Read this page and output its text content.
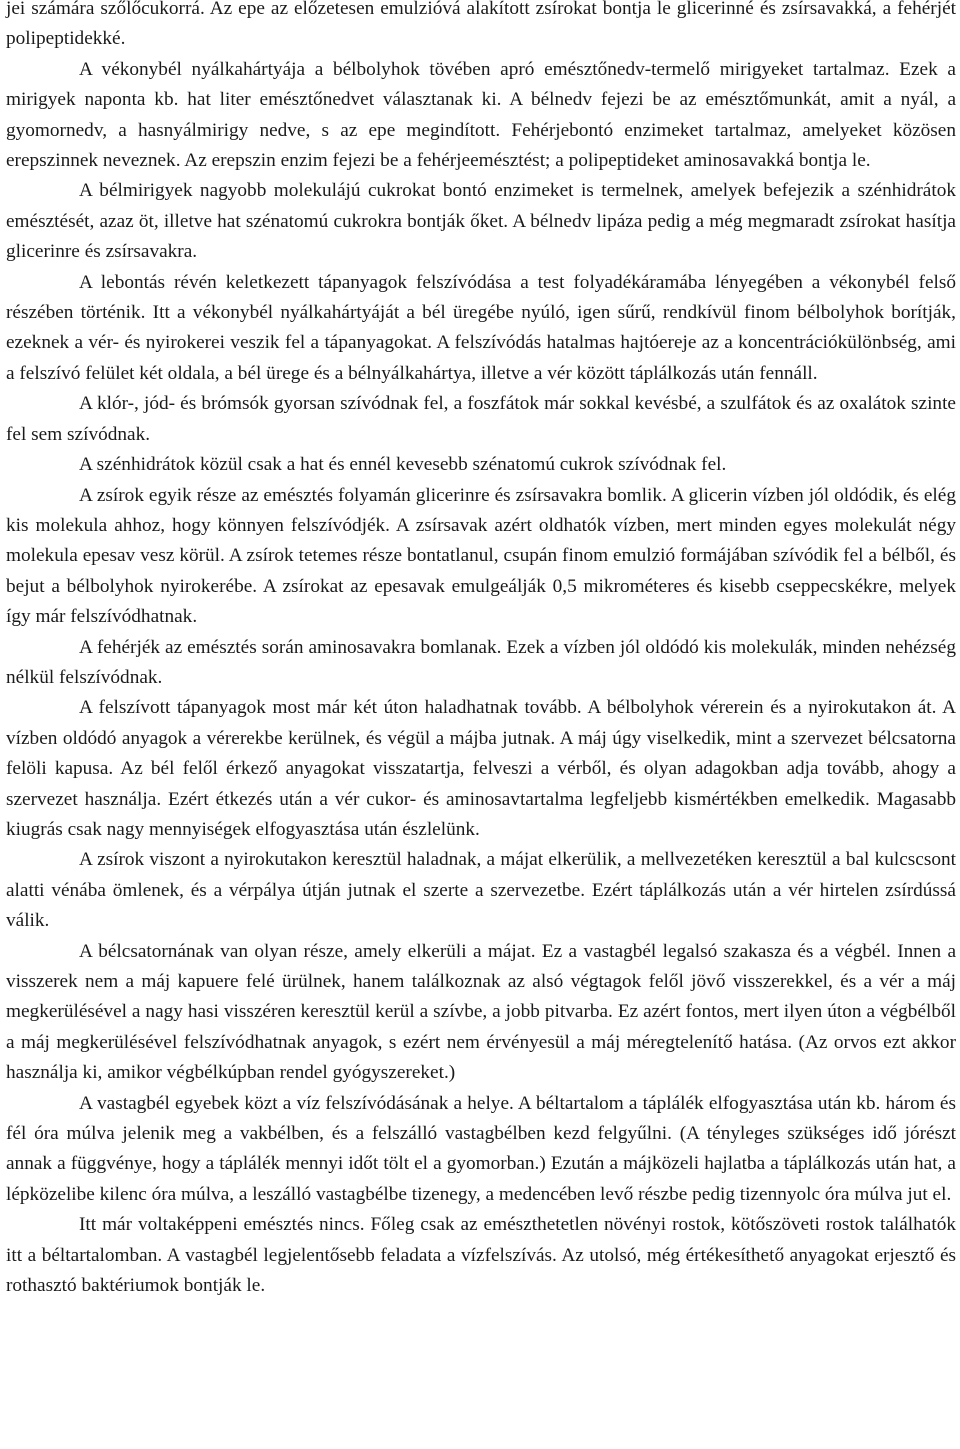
jei számára szőlőcukorrá. Az epe az előzetesen emulzióvá alakított zsírokat bontja le glicerinné és zsírsavakká, a fehérjét polipeptidekké.

A vékonybél nyálkahártyája a bélbolyhok tövében apró emésztőnedv-termelő mirigyeket tartalmaz. Ezek a mirigyek naponta kb. hat liter emésztőnedvet választanak ki. A bélnedv fejezi be az emésztőmunkát, amit a nyál, a gyomornedv, a hasnyálmirigy nedve, s az epe megindított. Fehérjebontó enzimeket tartalmaz, amelyeket közösen erepszinnek neveznek. Az erepszin enzim fejezi be a fehérjeemésztést; a polipeptideket aminosavakká bontja le.

A bélmirigyek nagyobb molekulájú cukrokat bontó enzimeket is termelnek, amelyek befejezik a szénhidrátok emésztését, azaz öt, illetve hat szénatomú cukrokra bontják őket. A bélnedv lipáza pedig a még megmaradt zsírokat hasítja glicerinre és zsírsavakra.

A lebontás révén keletkezett tápanyagok felszívódása a test folyadékáramába lényegében a vékonybél felső részében történik. Itt a vékonybél nyálkahártyáját a bél üregébe nyúló, igen sűrű, rendkívül finom bélbolyhok borítják, ezeknek a vér- és nyirokerei veszik fel a tápanyagokat. A felszívódás hatalmas hajtóereje az a koncentrációkülönbség, ami a felszívó felület két oldala, a bél ürege és a bélnyálkahártya, illetve a vér között táplálkozás után fennáll.

A klór-, jód- és brómsók gyorsan szívódnak fel, a foszfátok már sokkal kevésbé, a szulfátok és az oxalátok szinte fel sem szívódnak.

A szénhidrátok közül csak a hat és ennél kevesebb szénatomú cukrok szívódnak fel.

A zsírok egyik része az emésztés folyamán glicerinre és zsírsavakra bomlik. A glicerin vízben jól oldódik, és elég kis molekula ahhoz, hogy könnyen felszívódjék. A zsírsavak azért oldhatók vízben, mert minden egyes molekulát négy molekula epesav vesz körül. A zsírok tetemes része bontatlanul, csupán finom emulzió formájában szívódik fel a bélből, és bejut a bélbolyhok nyirokerébe. A zsírokat az epesavak emulgeálják 0,5 mikrométeres és kisebb cseppecskékre, melyek így már felszívódhatnak.

A fehérjék az emésztés során aminosavakra bomlanak. Ezek a vízben jól oldódó kis molekulák, minden nehézség nélkül felszívódnak.

A felszívott tápanyagok most már két úton haladhatnak tovább. A bélbolyhok vérerein és a nyirokutakon át. A vízben oldódó anyagok a vérerekbe kerülnek, és végül a májba jutnak. A máj úgy viselkedik, mint a szervezet bélcsatorna felöli kapusa. Az bél felől érkező anyagokat visszatartja, felveszi a vérből, és olyan adagokban adja tovább, ahogy a szervezet használja. Ezért étkezés után a vér cukor- és aminosavtartalma legfeljebb kismértékben emelkedik. Magasabb kiugrás csak nagy mennyiségek elfogyasztása után észlelünk.

A zsírok viszont a nyirokutakon keresztül haladnak, a májat elkerülik, a mellvezetéken keresztül a bal kulcscsont alatti vénába ömlenek, és a vérpálya útján jutnak el szerte a szervezetbe. Ezért táplálkozás után a vér hirtelen zsírdússá válik.

A bélcsatornának van olyan része, amely elkerüli a májat. Ez a vastagbél legalsó szakasza és a végbél. Innen a visszerek nem a máj kapuere felé ürülnek, hanem találkoznak az alsó végtagok felől jövő visszerekkel, és a vér a máj megkerülésével a nagy hasi visszéren keresztül kerül a szívbe, a jobb pitvarba. Ez azért fontos, mert ilyen úton a végbélből a máj megkerülésével felszívódhatnak anyagok, s ezért nem érvényesül a máj méregtelenítő hatása. (Az orvos ezt akkor használja ki, amikor végbélkúpban rendel gyógyszereket.)

A vastagbél egyebek közt a víz felszívódásának a helye. A béltartalom a táplálék elfogyasztása után kb. három és fél óra múlva jelenik meg a vakbélben, és a felszálló vastagbélben kezd felgyűlni. (A tényleges szükséges idő jórészt annak a függvénye, hogy a táplálék mennyi időt tölt el a gyomorban.) Ezután a májközeli hajlatba a táplálkozás után hat, a lépközelibe kilenc óra múlva, a leszálló vastagbélbe tizenegy, a medencében levő részbe pedig tizennyolc óra múlva jut el.

Itt már voltaképpeni emésztés nincs. Főleg csak az emészthetetlen növényi rostok, kötőszöveti rostok találhatók itt a béltartalomban. A vastagbél legjelentősebb feladata a vízfelszívás. Az utolsó, még értékesíthető anyagokat erjesztő és rothasztó baktériumok bontják le.
